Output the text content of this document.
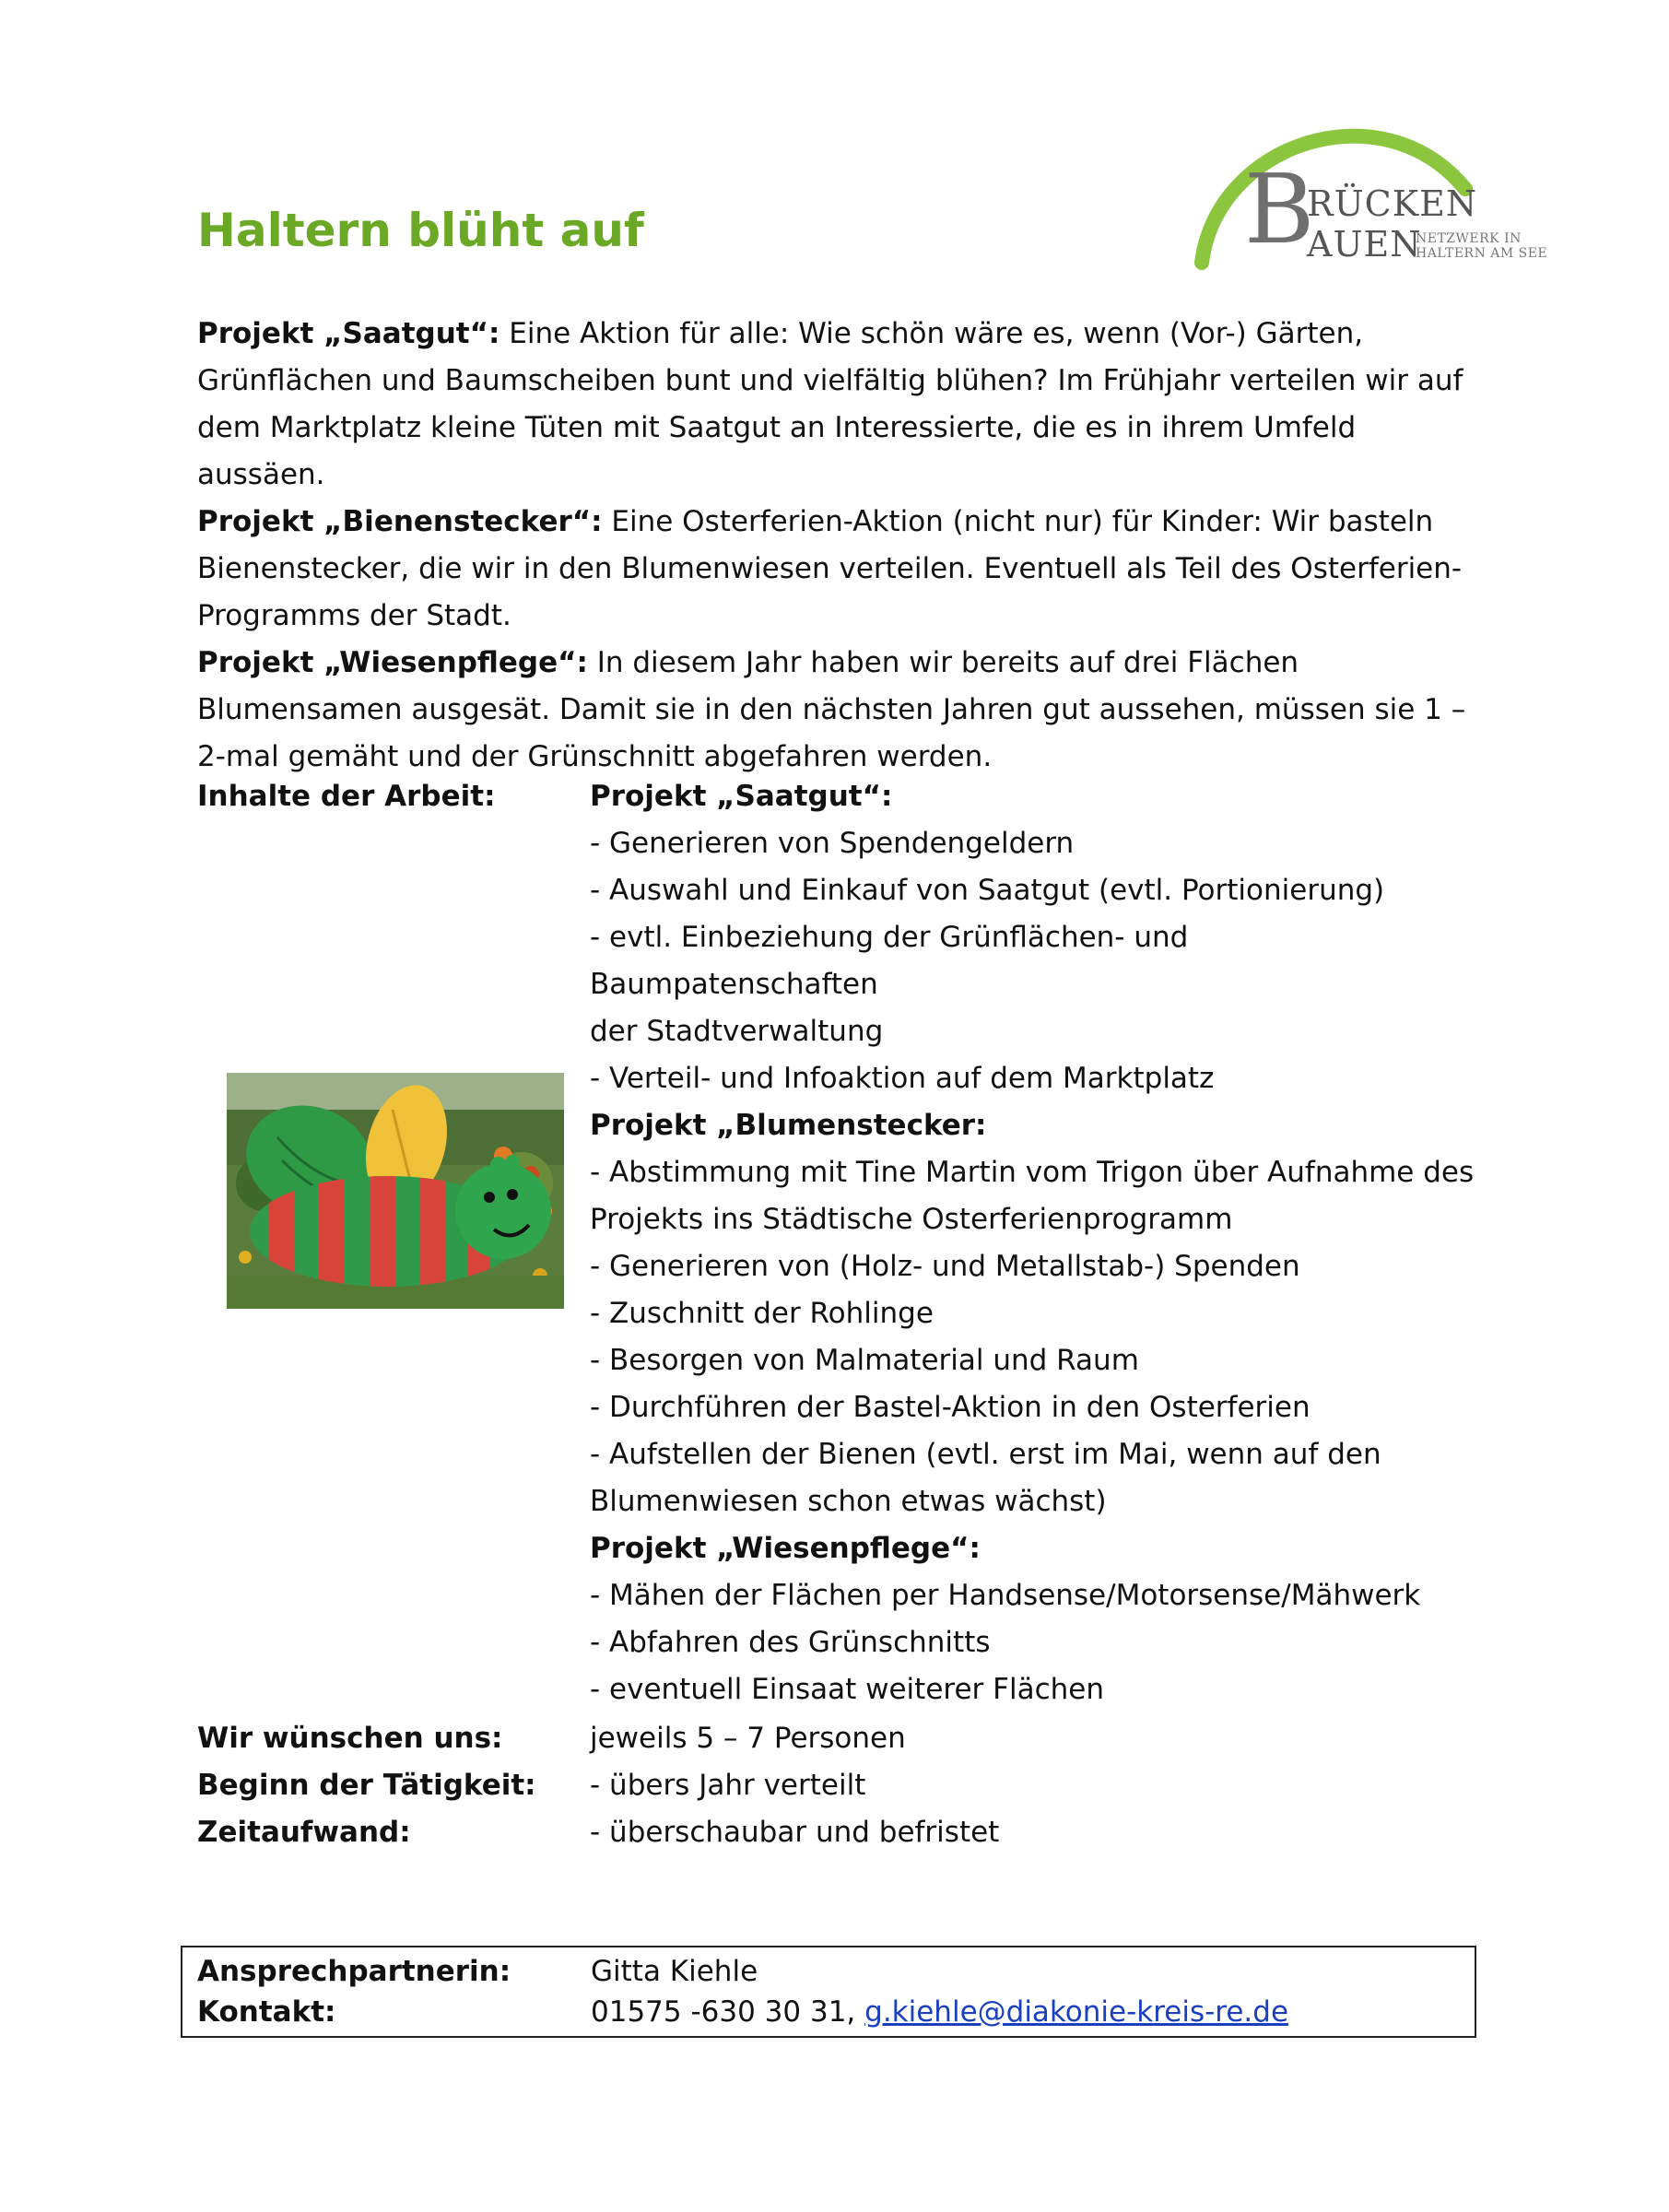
B
RÜCKEN
AUEN
NETZWERK IN
HALTERN AM SEE
Haltern blüht auf

Projekt „Saatgut“: Eine Aktion für alle: Wie schön wäre es, wenn (Vor-) Gärten, Grünflächen und Baumscheiben bunt und vielfältig blühen? Im Frühjahr verteilen wir auf dem Marktplatz kleine Tüten mit Saatgut an Interessierte, die es in ihrem Umfeld aussäen.

Projekt „Bienenstecker“: Eine Osterferien-Aktion (nicht nur) für Kinder: Wir basteln Bienenstecker, die wir in den Blumenwiesen verteilen. Eventuell als Teil des Osterferien-Programms der Stadt.

Projekt „Wiesenpflege“: In diesem Jahr haben wir bereits auf drei Flächen Blumensamen ausgesät. Damit sie in den nächsten Jahren gut aussehen, müssen sie 1 – 2-mal gemäht und der Grünschnitt abgefahren werden.

Inhalte der Arbeit:	Projekt „Saatgut“:
- Generieren von Spendengeldern
- Auswahl und Einkauf von Saatgut (evtl. Portionierung)
- evtl. Einbeziehung der Grünflächen- und Baumpatenschaften
der Stadtverwaltung
- Verteil- und Infoaktion auf dem Marktplatz
Projekt „Blumenstecker:
- Abstimmung mit Tine Martin vom Trigon über Aufnahme des
Projekts ins Städtische Osterferienprogramm
- Generieren von (Holz- und Metallstab-) Spenden
- Zuschnitt der Rohlinge
- Besorgen von Malmaterial und Raum
- Durchführen der Bastel-Aktion in den Osterferien
- Aufstellen der Bienen (evtl. erst im Mai, wenn auf den
Blumenwiesen schon etwas wächst)
Projekt „Wiesenpflege“:
- Mähen der Flächen per Handsense/Motorsense/Mähwerk
- Abfahren des Grünschnitts
- eventuell Einsaat weiterer Flächen
Wir wünschen uns:	jeweils 5 – 7 Personen
Beginn der Tätigkeit: - übers Jahr verteilt
Zeitaufwand:	- überschaubar und befristet
Ansprechpartnerin:	Gitta Kiehle
Kontakt:	01575 -630 30 31, g.kiehle@diakonie-kreis-re.de
